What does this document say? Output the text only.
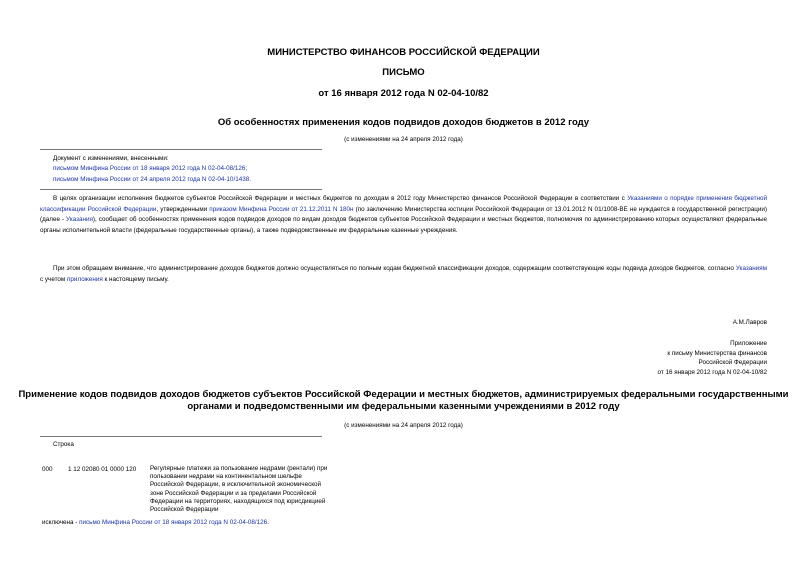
МИНИСТЕРСТВО ФИНАНСОВ РОССИЙСКОЙ ФЕДЕРАЦИИ
ПИСЬМО
от 16 января 2012 года N 02-04-10/82
Об особенностях применения кодов подвидов доходов бюджетов в 2012 году
(с изменениями на 24 апреля 2012 года)
Документ с изменениями, внесенными:
письмом Минфина России от 18 января 2012 года N 02-04-08/126;
письмом Минфина России от 24 апреля 2012 года N 02-04-10/1438.

В целях организации исполнения бюджетов субъектов Российской Федерации и местных бюджетов по доходам в 2012 году Министерство финансов Российской Федерации в соответствии с Указаниями о порядке применения бюджетной классификации Российской Федерации, утвержденными приказом Минфина России от 21.12.2011 N 180н (по заключению Министерства юстиции Российской Федерации от 13.01.2012 N 01/1008-ВЕ не нуждается в государственной регистрации) (далее - Указания), сообщает об особенностях применения кодов подвидов доходов по видам доходов бюджетов субъектов Российской Федерации и местных бюджетов, полномочия по администрированию которых осуществляют федеральные органы исполнительной власти (федеральные государственные органы), а также подведомственные им федеральные казенные учреждения.

При этом обращаем внимание, что администрирование доходов бюджетов должно осуществляться по полным кодам бюджетной классификации доходов, содержащим соответствующие коды подвида доходов бюджетов, согласно Указаниям с учетом приложения к настоящему письму.

А.М.Лавров
Приложение
к письму Министерства финансов
Российской Федерации
от 16 января 2012 года N 02-04-10/82
Применение кодов подвидов доходов бюджетов субъектов Российской Федерации и местных бюджетов, администрируемых федеральными государственными
органами и подведомственными им федеральными казенными учреждениями в 2012 году
(с изменениями на 24 апреля 2012 года)
Строка
000 1 12 02080 01 0000 120 Регулярные платежи за пользование недрами (рентали) при
пользовании недрами на континентальном шельфе
Российской Федерации, в исключительной экономической
зоне Российской Федерации и за пределами Российской
Федерации на территориях, находящихся под юрисдикцией
Российской Федерации
исключена - письмо Минфина России от 18 января 2012 года N 02-04-08/126.
